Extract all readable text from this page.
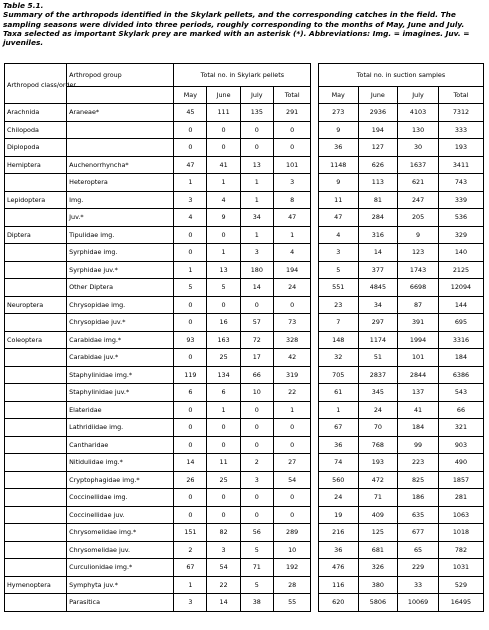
Table 5.1.
Summary of the arthropods identified in the Skylark pellets, and the corresponding catches in the field. The
sampling seasons were divided into three periods, roughly corresponding to the months of May, June and July.
Taxa selected as important Skylark prey are marked with an asterisk (*). Abbreviations: Img. = imagines. Juv. =
juveniles.
Arthropod class/order	Arthropod group	Total no. in Skylark pellets					Total no. in suction samples			
		May	June	July	Total		May	June	July	Total
Arachnida	Araneae*	45	111	135	291		273	2936	4103	7312
Chilopoda		0	0	0	0		9	194	130	333
Diplopoda		0	0	0	0		36	127	30	193
Hemiptera	Auchenorrhyncha*	47	41	13	101		1148	626	1637	3411
	Heteroptera	1	1	1	3		9	113	621	743
Lepidoptera	Img.	3	4	1	8		11	81	247	339
	Juv.*	4	9	34	47		47	284	205	536
Diptera	Tipulidae img.	0	0	1	1		4	316	9	329
	Syrphidae img.	0	1	3	4		3	14	123	140
	Syrphidae juv.*	1	13	180	194		5	377	1743	2125
	Other Diptera	5	5	14	24		551	4845	6698	12094
Neuroptera	Chrysopidae img.	0	0	0	0		23	34	87	144
	Chrysopidae juv.*	0	16	57	73		7	297	391	695
Coleoptera	Carabidae img.*	93	163	72	328		148	1174	1994	3316
	Carabidae juv.*	0	25	17	42		32	51	101	184
	Staphylinidae img.*	119	134	66	319		705	2837	2844	6386
	Staphylinidae juv.*	6	6	10	22		61	345	137	543
	Elateridae	0	1	0	1		1	24	41	66
	Lathridiidae img.	0	0	0	0		67	70	184	321
	Cantharidae	0	0	0	0		36	768	99	903
	Nitidulidae img.*	14	11	2	27		74	193	223	490
	Cryptophagidae img.*	26	25	3	54		560	472	825	1857
	Coccinellidae img.	0	0	0	0		24	71	186	281
	Coccinellidae juv.	0	0	0	0		19	409	635	1063
	Chrysomelidae img.*	151	82	56	289		216	125	677	1018
	Chrysomelidae juv.	2	3	5	10		36	681	65	782
	Curculionidae img.*	67	54	71	192		476	326	229	1031
Hymenoptera	Symphyta juv.*	1	22	5	28		116	380	33	529
	Parasitica	3	14	38	55		620	5806	10069	16495
